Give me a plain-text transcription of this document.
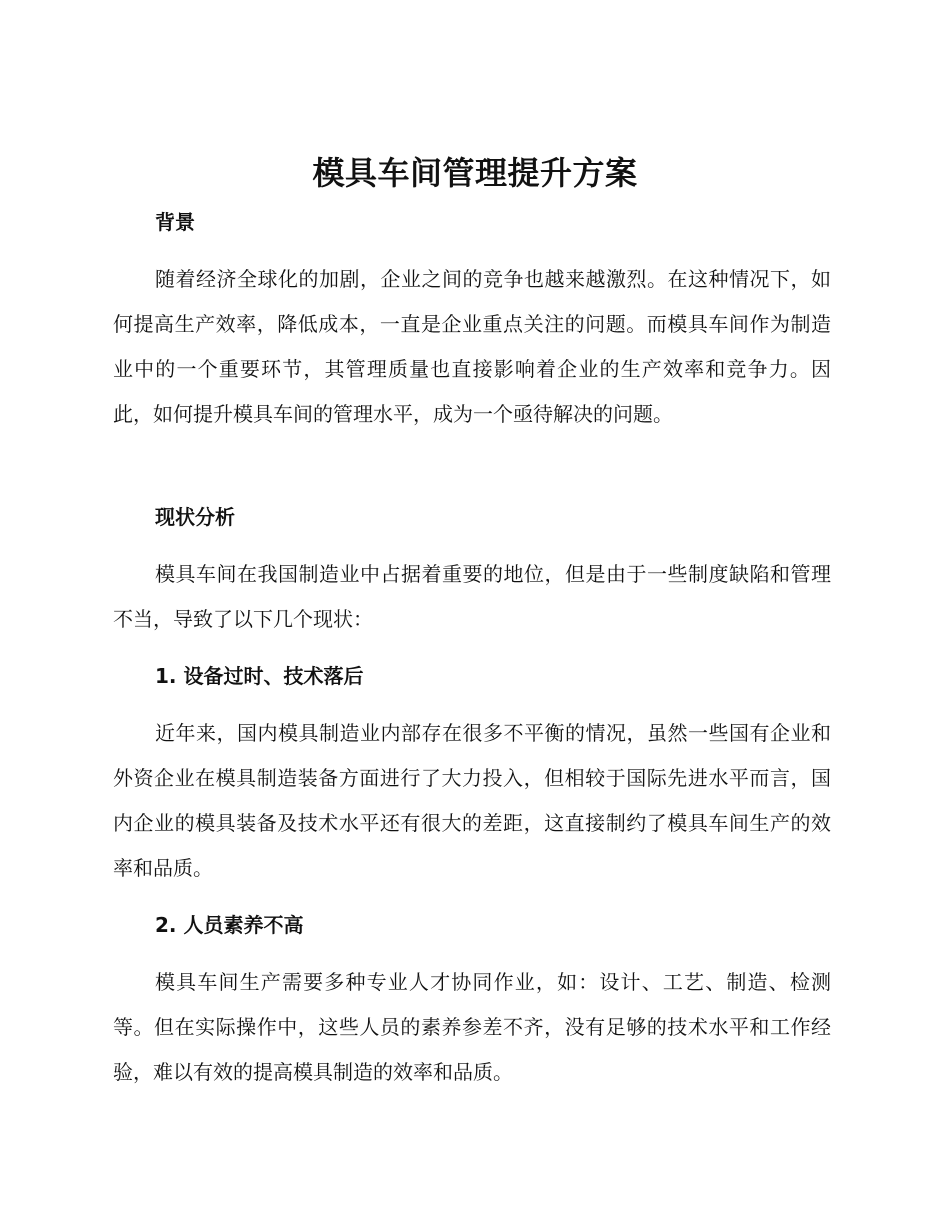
模具车间管理提升方案
背景
随着经济全球化的加剧，企业之间的竞争也越来越激烈。在这种情况下，如何提高生产效率，降低成本，一直是企业重点关注的问题。而模具车间作为制造业中的一个重要环节，其管理质量也直接影响着企业的生产效率和竞争力。因此，如何提升模具车间的管理水平，成为一个亟待解决的问题。
现状分析
模具车间在我国制造业中占据着重要的地位，但是由于一些制度缺陷和管理不当，导致了以下几个现状：
1. 设备过时、技术落后
近年来，国内模具制造业内部存在很多不平衡的情况，虽然一些国有企业和外资企业在模具制造装备方面进行了大力投入，但相较于国际先进水平而言，国内企业的模具装备及技术水平还有很大的差距，这直接制约了模具车间生产的效率和品质。
2. 人员素养不高
模具车间生产需要多种专业人才协同作业，如：设计、工艺、制造、检测等。但在实际操作中，这些人员的素养参差不齐，没有足够的技术水平和工作经验，难以有效的提高模具制造的效率和品质。
